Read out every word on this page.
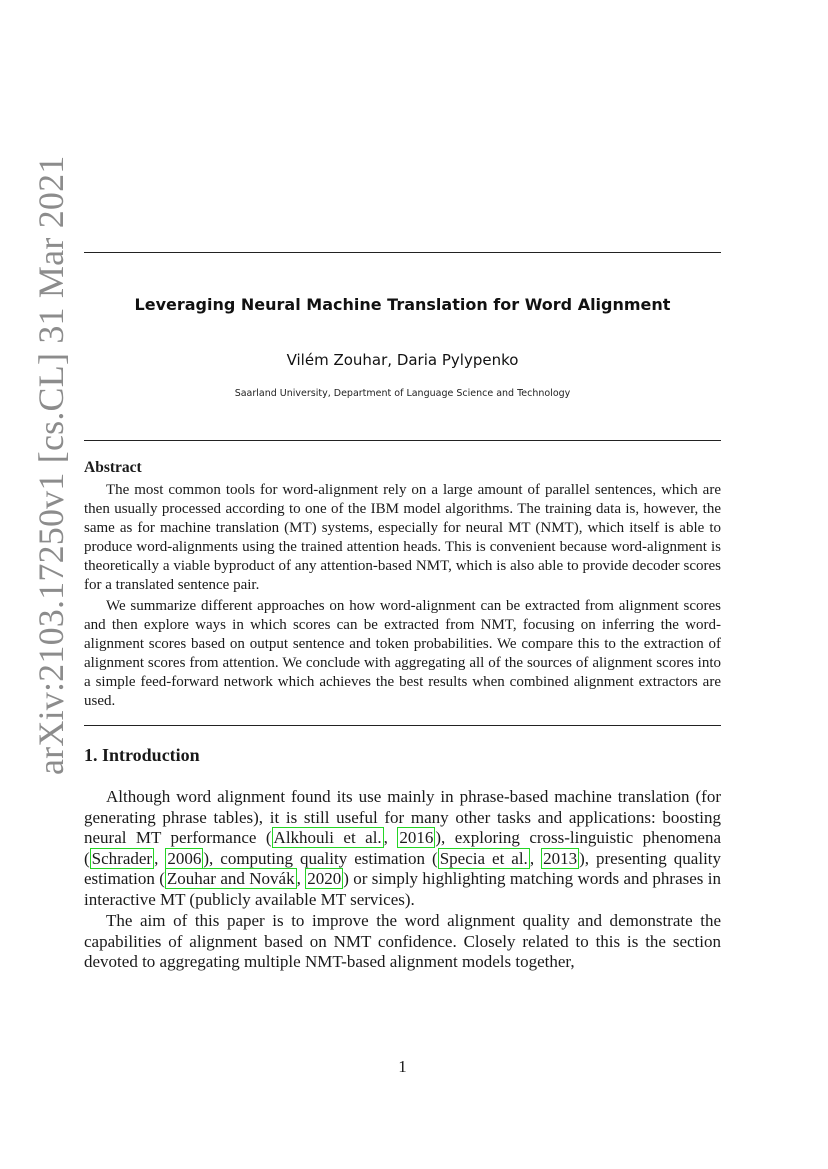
arXiv:2103.17250v1 [cs.CL] 31 Mar 2021	Leveraging Neural Machine Translation for Word Alignment
Vilém Zouhar, Daria Pylypenko
Saarland University, Department of Language Science and Technology
Abstract

The most common tools for word-alignment rely on a large amount of parallel sentences, which are then usually processed according to one of the IBM model algorithms. The training data is, however, the same as for machine translation (MT) systems, especially for neural MT (NMT), which itself is able to produce word-alignments using the trained attention heads. This is convenient because word-alignment is theoretically a viable byproduct of any attention-based NMT, which is also able to provide decoder scores for a translated sentence pair.

We summarize different approaches on how word-alignment can be extracted from alignment scores and then explore ways in which scores can be extracted from NMT, focusing on inferring the word-alignment scores based on output sentence and token probabilities. We compare this to the extraction of alignment scores from attention. We conclude with aggregating all of the sources of alignment scores into a simple feed-forward network which achieves the best results when combined alignment extractors are used.

1. Introduction

Although word alignment found its use mainly in phrase-based machine translation (for generating phrase tables), it is still useful for many other tasks and applications: boosting neural MT performance ( Alkhouli et al. , 2016 ), exploring cross-linguistic phenomena ( Schrader , 2006 ), computing quality estimation ( Specia et al. , 2013 ), presenting quality estimation ( Zouhar and Novák , 2020 ) or simply highlighting matching words and phrases in interactive MT (publicly available MT services).

The aim of this paper is to improve the word alignment quality and demonstrate the capabilities of alignment based on NMT confidence. Closely related to this is the section devoted to aggregating multiple NMT-based alignment models together,

1
